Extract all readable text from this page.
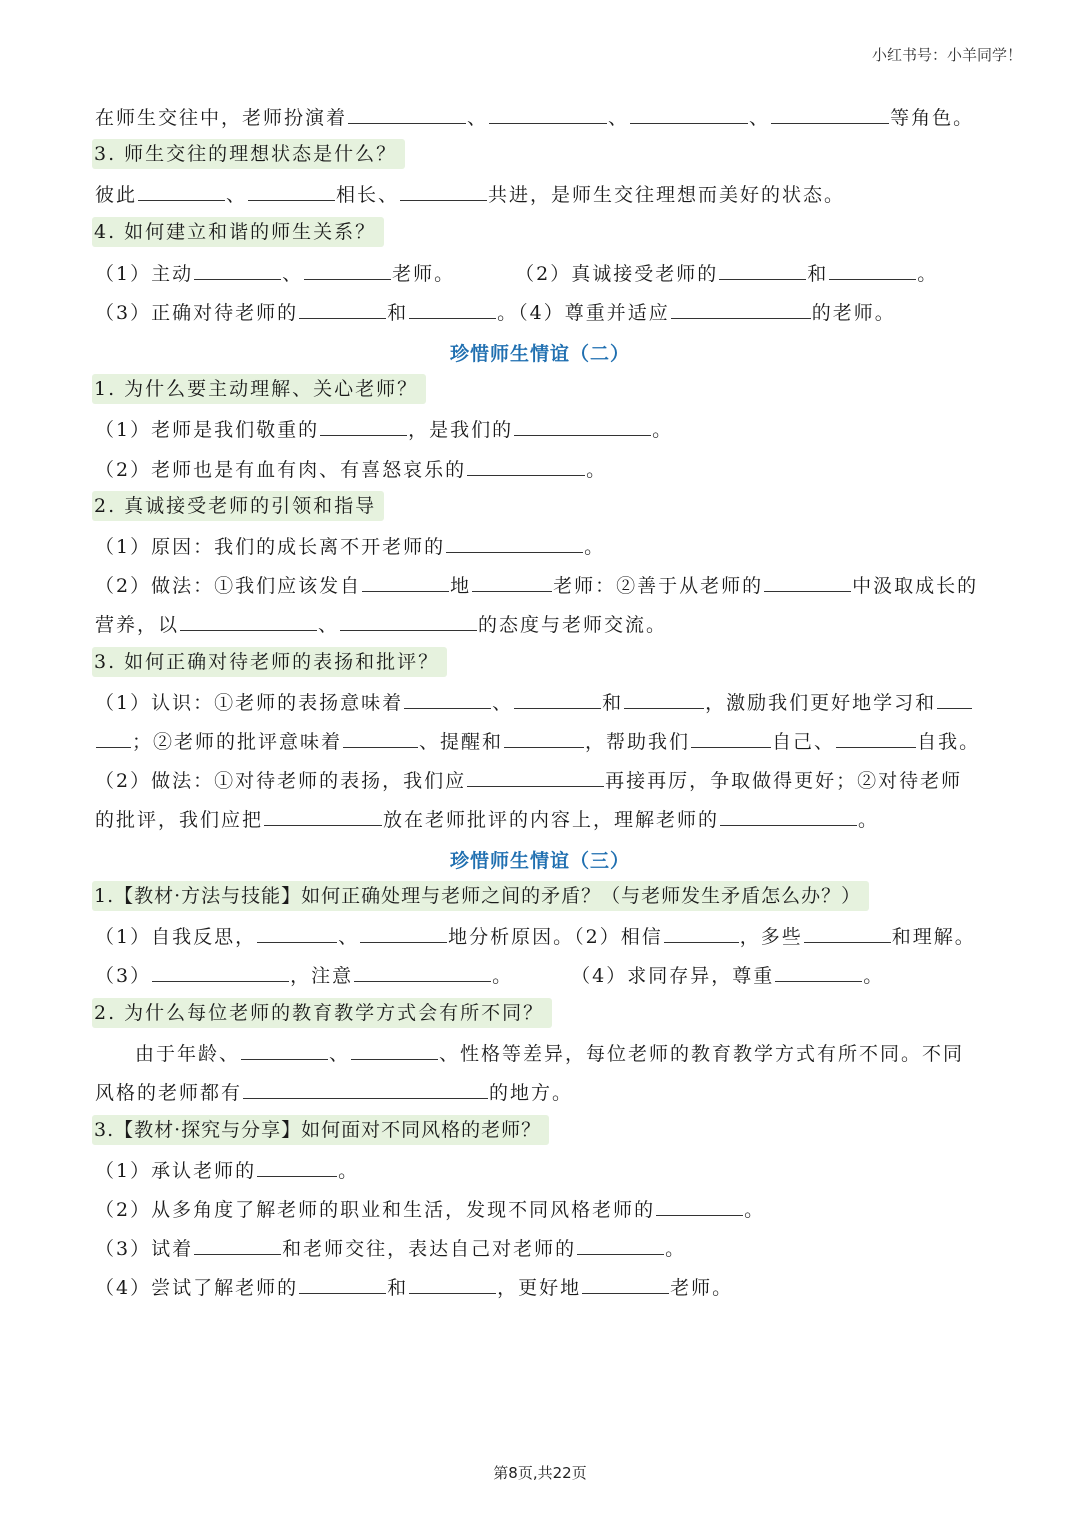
小红书号：小羊同学！
在师生交往中，老师扮演着	、	、	、	等角色。
3. 师生交往的理想状态是什么？
彼此	、	相长、	共进，是师生交往理想而美好的状态。
4. 如何建立和谐的师生关系？
（1）主动	、	老师。	（2）真诚接受老师的	和	。
（3）正确对待老师的	和	。（4）尊重并适应	的老师。
珍惜师生情谊（二）
1. 为什么要主动理解、关心老师？
（1）老师是我们敬重的	，是我们的	。
（2）老师也是有血有肉、有喜怒哀乐的	。
2. 真诚接受老师的引领和指导
（1）原因：我们的成长离不开老师的	。
（2）做法：①我们应该发自	地	老师：②善于从老师的	中汲取成长的
营养，以	、	的态度与老师交流。
3. 如何正确对待老师的表扬和批评？
（1）认识：①老师的表扬意味着	、	和	，激励我们更好地学习和
；②老师的批评意味着	、提醒和	，帮助我们	自己、	自我。
（2）做法：①对待老师的表扬，我们应	再接再厉，争取做得更好；②对待老师
的批评，我们应把	放在老师批评的内容上，理解老师的	。
珍惜师生情谊（三）
1.【教材·方法与技能】如何正确处理与老师之间的矛盾？（与老师发生矛盾怎么办？）
（1）自我反思，	、	地分析原因。（2）相信	，多些	和理解。
（3）	，注意	。	（4）求同存异，尊重	。
2. 为什么每位老师的教育教学方式会有所不同？
由于年龄、	、	、性格等差异，每位老师的教育教学方式有所不同。不同
风格的老师都有	的地方。
3.【教材·探究与分享】如何面对不同风格的老师？
（1）承认老师的	。
（2）从多角度了解老师的职业和生活，发现不同风格老师的	。
（3）试着	和老师交往，表达自己对老师的	。
（4）尝试了解老师的	和	，更好地	老师。
第8页,共22页
